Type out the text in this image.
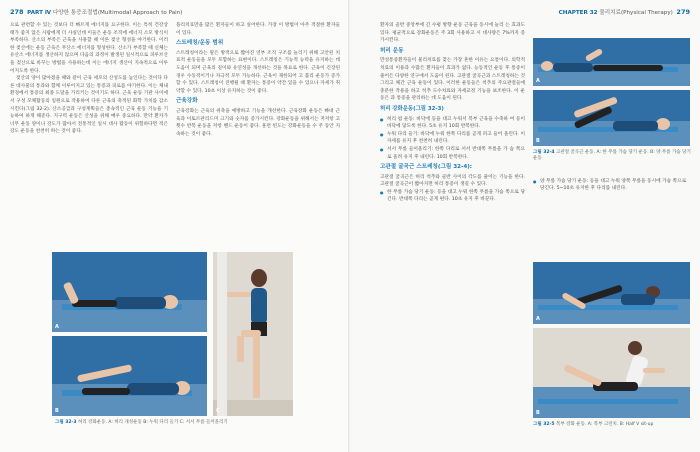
278 PART Ⅳ 다양한 통증조절법(Multimodal Approach to Pain)

으로 관련할 수 있는 것보다 더 빠르게 에너지를 요구한다. 이는 특히 건강상태가 좋지 않은 사람에게 더 사실인데 이들은 운동 조직에 에너지 소모 방식이 부족하다. 산소의 부족은 근육을 사용할 때 이른 젖산 형성을 야기한다. 이러한 젖산에는 운동 근육은 무산소 에너지를 형성한다. 산소가 부족할 때 신체는 유산소 에너지를 생산하지 않으며 다음의 과정이 발생된 일시적으로 피루브산을 젖산으로 바꾸는 방법을 사용하는데 이는 에너지 생산이 지속적으로 이루어지도록 한다.

젖산의 양이 많아졌을 때와 같이 근육 세포의 산성도를 높인다는 것이다 다른 대사물의 통과와 함께 이루어지고 있는 통증과 피로를 야기한다. 이는 체내 환경에서 통증의 최종 도달을 가리키는 것이기도 하다. 근육 운동 기관 사이에서 구성 모체활동의 일원으로 작용하여 다른 근육의 축적된 화학 가치를 감소시킨다(그림 32-2). 산소공급과 구성계획들은 총속적인 근육 운동 기능을 기능하여 하게 해준다. 지구력 운동은 산성을 위해 매우 중요하다. 만약 환자가 너무 운동 양이나 강도가 많아서 전통적인 일시 대사 활동이 위험하다면 적은 강도 운동을 천천히 하는 것이 좋다.

플리치료만을 많은 환자들이 하고 싶어한다. 가장 이 방법이 아주 적절한 환자들이 있다.

스트레칭/운동 범위

스트레칭이라는 말은 방적으로 짧아진 연부 조직 구조를 늘리기 위해 고안된 치료적 운동들을 모두 포함하는 표현이다. 스트레칭은 기능적 능력을 유지하는 데 도움이 되며 근육의 길이와 유연성을 개선하는 것을 목표로 한다. 근육이 긴장된 경우 수동적이거나 자극적 모두 가능하다. 근육이 제한되어 고 불리 운동가 증가할 수 있다. 스트레칭이 진행될 때 환자는 통증이 약간 있을 수 있으나 자세가 취약할 수 있다. 10초 이상 유지하는 것이 좋다.

근육강화

근육강화는 근육의 위축을 예방하고 기능을 개선한다. 근육강화 운동은 빠대 근육과 이토르관리드미 크기와 숫자를 증가시킨다. 강화운동을 위해서는 저저항 고횟수 반복 운동을 저항 밴드 운동이 좋다. 훈련 빈도는 강화운동을 수 주 동안 지속하는 것이 좋다.

A
B	C
그림 32-3 허리 강화운동. A: 허리 개성운동 B: 누워 다리 들기 C: 서서 무릎 들어올리기
CHAPTER 32 물리치료(Physical Therapy) 279

환자의 골반 중앙부에 긴 수평 방향 운동 근육을 동시에 늘리 는 효과도 있다. 평균적으로 강화운동은 주 3회 사용하고 시 대사량은 7%까지 증가시킨다.

허리 운동

만성통증환자들이 물리치료를 찾는 가장 흔한 이유는 요통이다. 의학적 치료의 이용과 수많은 환자들이 효과가 없다. 능동적인 운동 후 통증이 줄어든 다양한 연구에서 도움이 된다. 고관절 굴곡근과 스트레칭하는 것 그리고 체간 근육 운동이 있다. 이러한 운동들은 척추의 주요관절들에 충분한 작용을 하고 척추 도수치료와 자세교정 기능을 보조한다. 이 운동은 과 통증을 관리하는 데 도움이 된다.

허리 강화운동(그림 32-3)

● 허리 폄 운동: 바닥에 등을 대고 누워서 복부 근육을 수축하 여 등이 바닥에 닿도록 한다. 5초 유지 10회 반복한다.

● 누워 다리 들기: 바닥에 누워 한쪽 다리를 곧게 펴고 들어 올린다. 이 자세를 유지 후 천천히 내린다.

● 서서 무릎 들어올리기: 한쪽 다리로 서서 반대쪽 무릎을 가 슴 쪽으로 올려 유지 후 내린다. 10회 반복한다.

고관절 굴곡근 스트레칭(그림 32-4):

고관절 굴곡근은 허리 척추와 골반 사이의 각도를 줄이는 기능을 한다. 고관절 굴곡근이 짧아지면 허리 통증이 생길 수 있다.

● 한 무릎 가슴 당기 운동: 등을 대고 누워 한쪽 무릎을 가슴 쪽으로 당긴다. 반대쪽 다리는 곧게 편다. 10초 유지 후 바꾼다.

A
B
그림 32-4 고관절 굴곡근 운동. A: 한 무릎 가슴 당기 운동. B: 양 무릎 가슴 당기 운동

● 양 무릎 가슴 당기 운동: 등을 대고 누워 양쪽 무릎을 동시에 가슴 쪽으로 당긴다. 5~10초 유지한 후 다리를 내린다.

A
B
그림 32-5 복부 강화 운동. A: 복부 크런치. B: Half V sit-up
